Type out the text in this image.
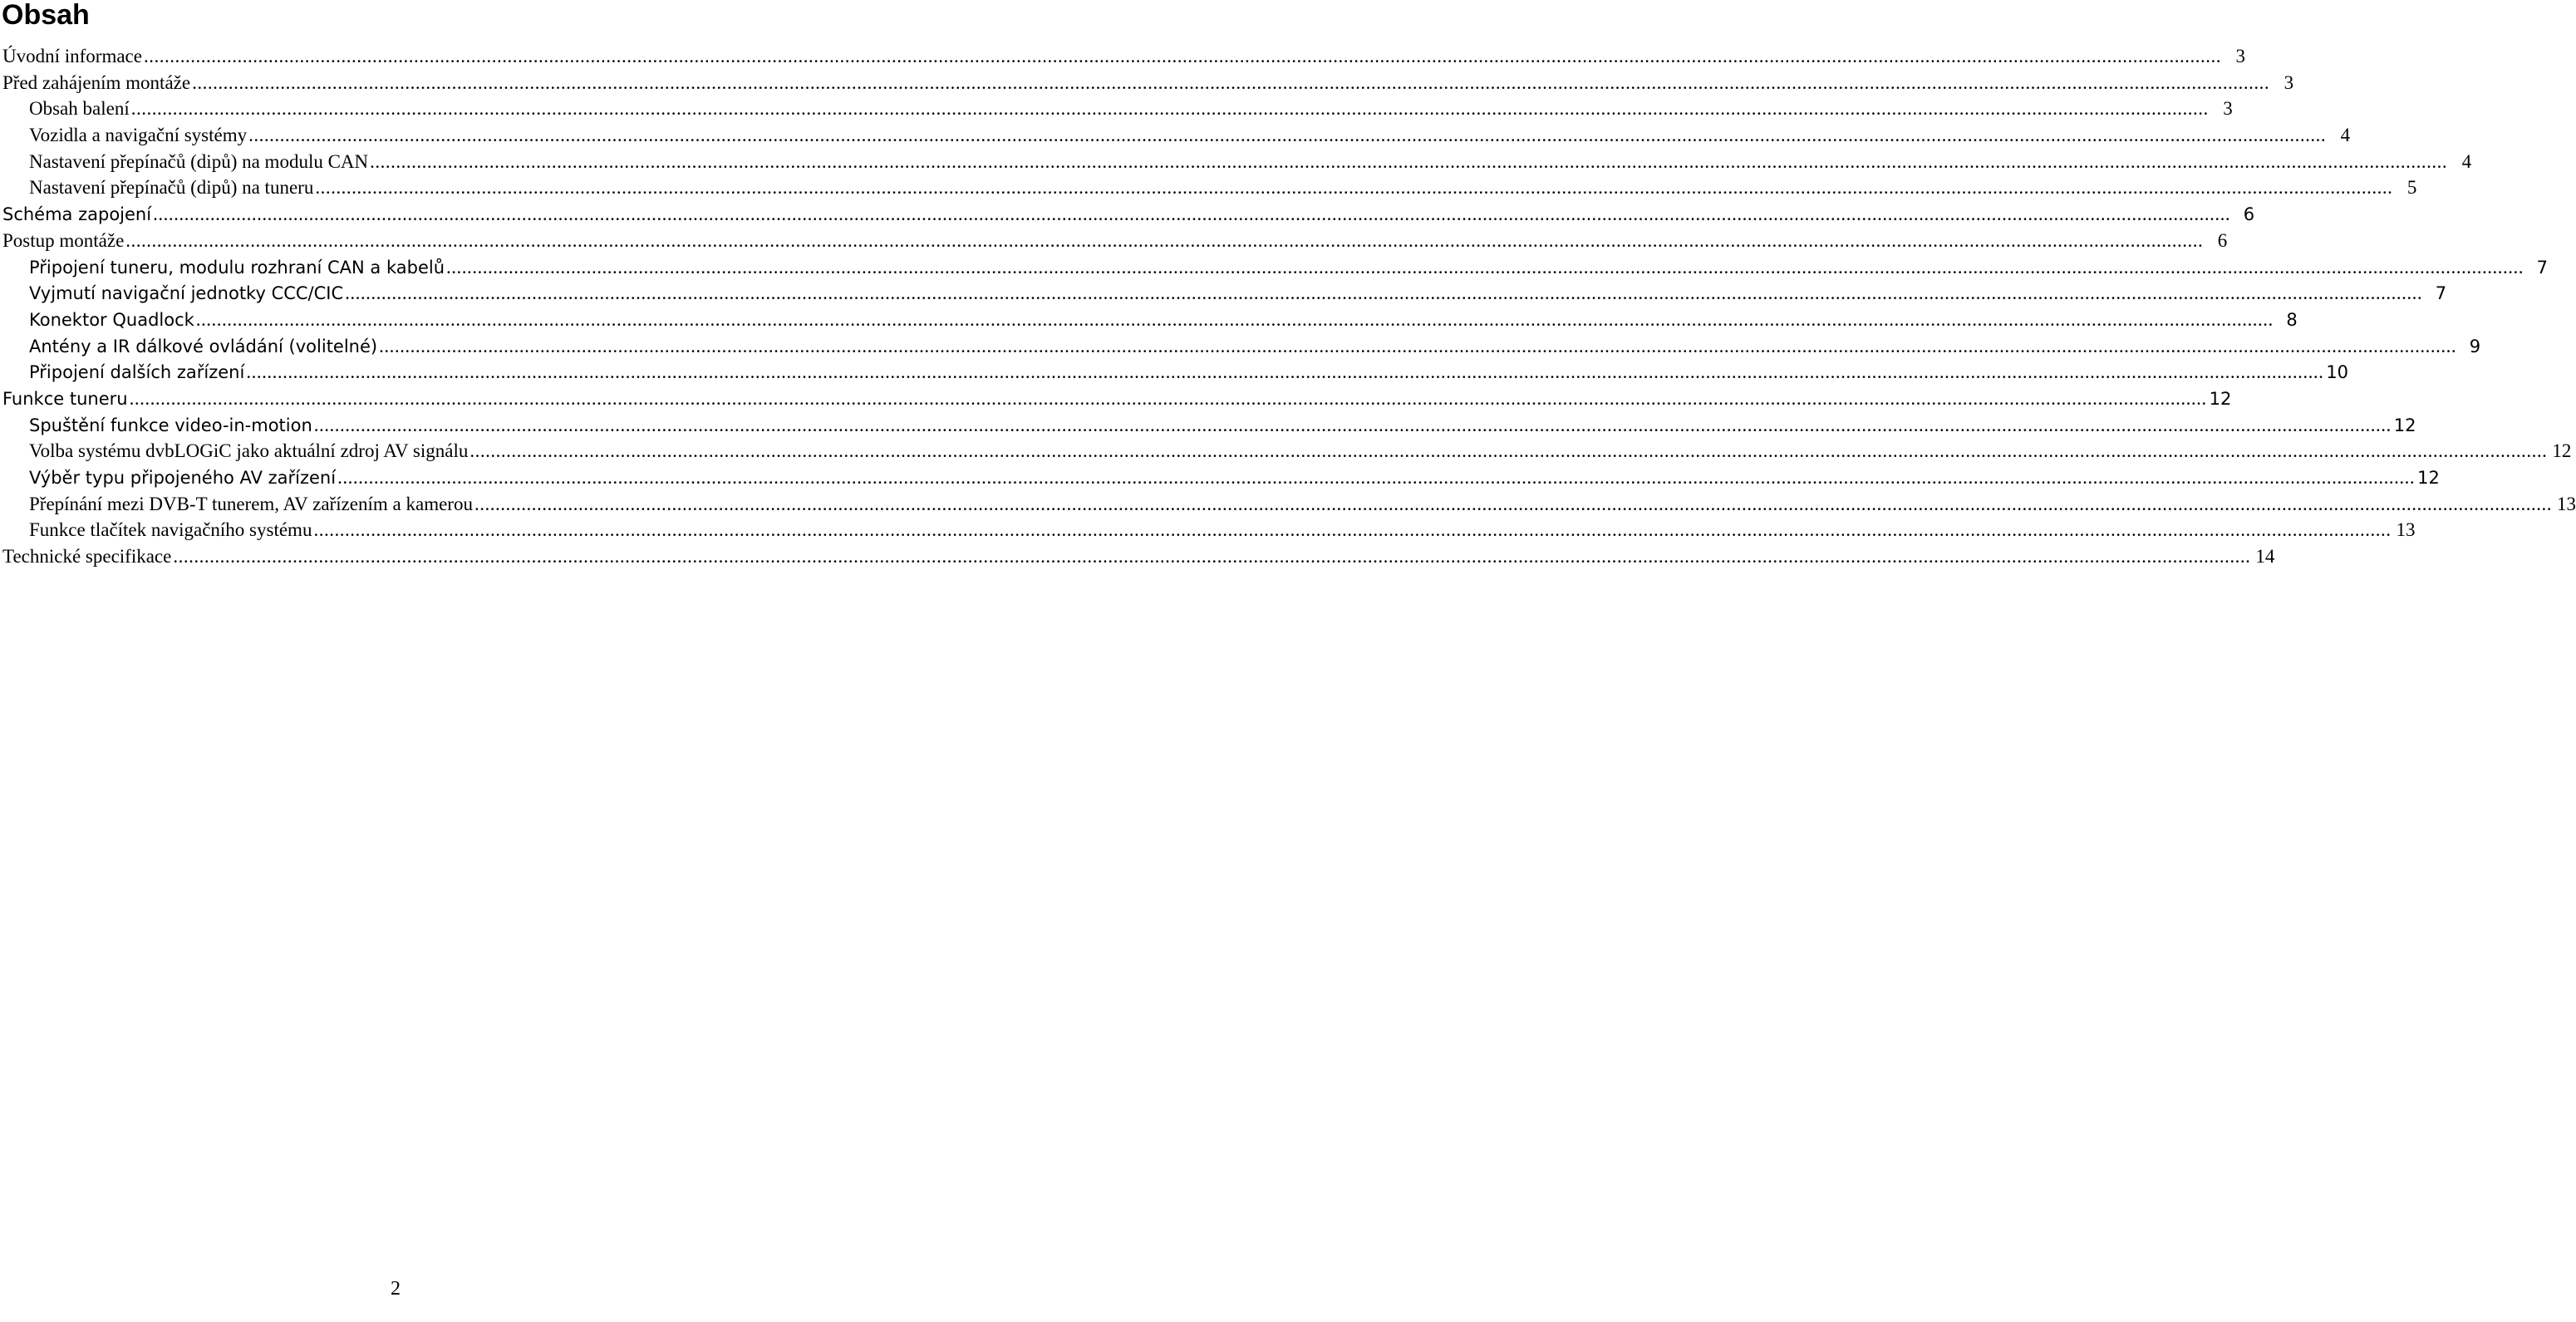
Obsah
Úvodní informace ................................................................................................................................................................................................................................................................................................................................................................................................................ 3
Před zahájením montáže ................................................................................................................................................................................................................................................................................................................................................................................................................ 3
Obsah balení ................................................................................................................................................................................................................................................................................................................................................................................................................ 3
Vozidla a navigační systémy ................................................................................................................................................................................................................................................................................................................................................................................................................ 4
Nastavení přepínačů (dipů) na modulu CAN ................................................................................................................................................................................................................................................................................................................................................................................................................ 4
Nastavení přepínačů (dipů) na tuneru ................................................................................................................................................................................................................................................................................................................................................................................................................ 5
Schéma zapojení ................................................................................................................................................................................................................................................................................................................................................................................................................ 6
Postup montáže ................................................................................................................................................................................................................................................................................................................................................................................................................ 6
Připojení tuneru, modulu rozhraní CAN a kabelů ................................................................................................................................................................................................................................................................................................................................................................................................................ 7
Vyjmutí navigační jednotky CCC/CIC ................................................................................................................................................................................................................................................................................................................................................................................................................ 7
Konektor Quadlock ................................................................................................................................................................................................................................................................................................................................................................................................................ 8
Antény a IR dálkové ovládání (volitelné) ................................................................................................................................................................................................................................................................................................................................................................................................................ 9
Připojení dalších zařízení ................................................................................................................................................................................................................................................................................................................................................................................................................ 10
Funkce tuneru ................................................................................................................................................................................................................................................................................................................................................................................................................ 12
Spuštění funkce video-in-motion ................................................................................................................................................................................................................................................................................................................................................................................................................ 12
Volba systému dvbLOGiC jako aktuální zdroj AV signálu ................................................................................................................................................................................................................................................................................................................................................................................................................ 12
Výběr typu připojeného AV zařízení ................................................................................................................................................................................................................................................................................................................................................................................................................ 12
Přepínání mezi DVB-T tunerem, AV zařízením a kamerou ................................................................................................................................................................................................................................................................................................................................................................................................................ 13
Funkce tlačítek navigačního systému ................................................................................................................................................................................................................................................................................................................................................................................................................ 13
Technické specifikace ................................................................................................................................................................................................................................................................................................................................................................................................................ 14
2
